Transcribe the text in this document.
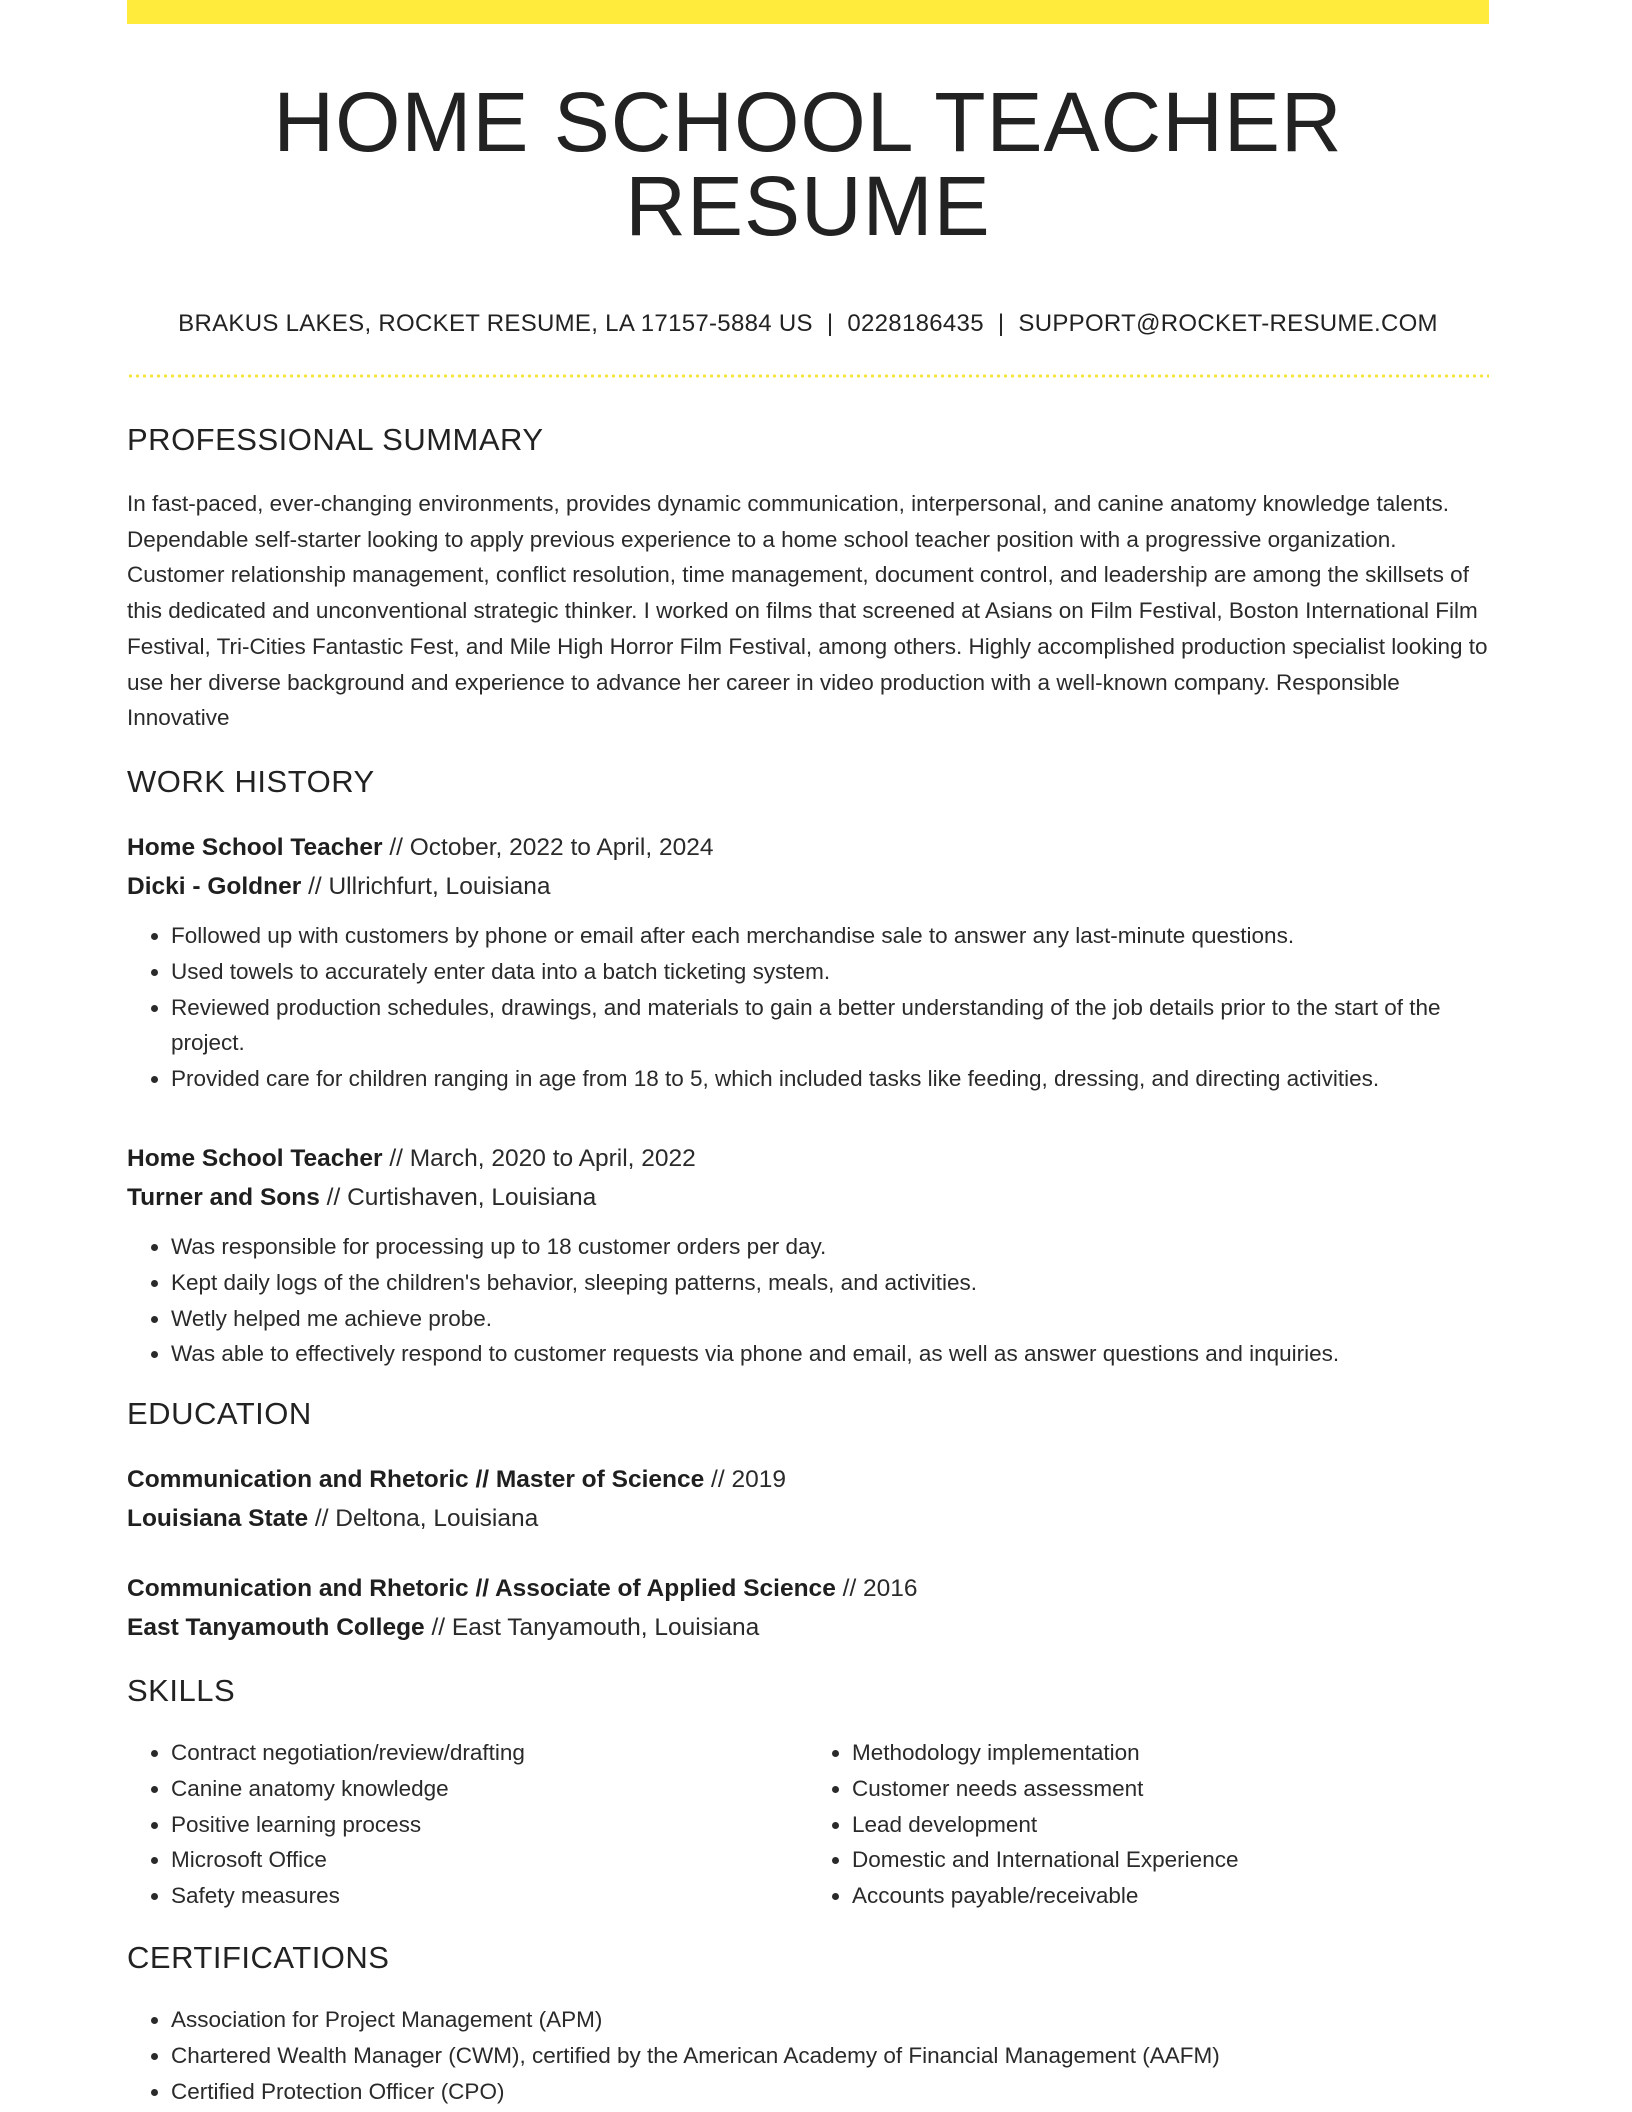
HOME SCHOOL TEACHER RESUME
BRAKUS LAKES, ROCKET RESUME, LA 17157-5884 US | 0228186435 | SUPPORT@ROCKET-RESUME.COM
PROFESSIONAL SUMMARY
In fast-paced, ever-changing environments, provides dynamic communication, interpersonal, and canine anatomy knowledge talents. Dependable self-starter looking to apply previous experience to a home school teacher position with a progressive organization. Customer relationship management, conflict resolution, time management, document control, and leadership are among the skillsets of this dedicated and unconventional strategic thinker. I worked on films that screened at Asians on Film Festival, Boston International Film Festival, Tri-Cities Fantastic Fest, and Mile High Horror Film Festival, among others. Highly accomplished production specialist looking to use her diverse background and experience to advance her career in video production with a well-known company. Responsible Innovative
WORK HISTORY
Home School Teacher // October, 2022 to April, 2024
Dicki - Goldner // Ullrichfurt, Louisiana
• Followed up with customers by phone or email after each merchandise sale to answer any last-minute questions.
• Used towels to accurately enter data into a batch ticketing system.
• Reviewed production schedules, drawings, and materials to gain a better understanding of the job details prior to the start of the project.
• Provided care for children ranging in age from 18 to 5, which included tasks like feeding, dressing, and directing activities.
Home School Teacher // March, 2020 to April, 2022
Turner and Sons // Curtishaven, Louisiana
• Was responsible for processing up to 18 customer orders per day.
• Kept daily logs of the children's behavior, sleeping patterns, meals, and activities.
• Wetly helped me achieve probe.
• Was able to effectively respond to customer requests via phone and email, as well as answer questions and inquiries.
EDUCATION
Communication and Rhetoric // Master of Science // 2019
Louisiana State // Deltona, Louisiana
Communication and Rhetoric // Associate of Applied Science // 2016
East Tanyamouth College // East Tanyamouth, Louisiana
SKILLS
• Contract negotiation/review/drafting
• Canine anatomy knowledge
• Positive learning process
• Microsoft Office
• Safety measures
• Methodology implementation
• Customer needs assessment
• Lead development
• Domestic and International Experience
• Accounts payable/receivable
CERTIFICATIONS
• Association for Project Management (APM)
• Chartered Wealth Manager (CWM), certified by the American Academy of Financial Management (AAFM)
• Certified Protection Officer (CPO)
